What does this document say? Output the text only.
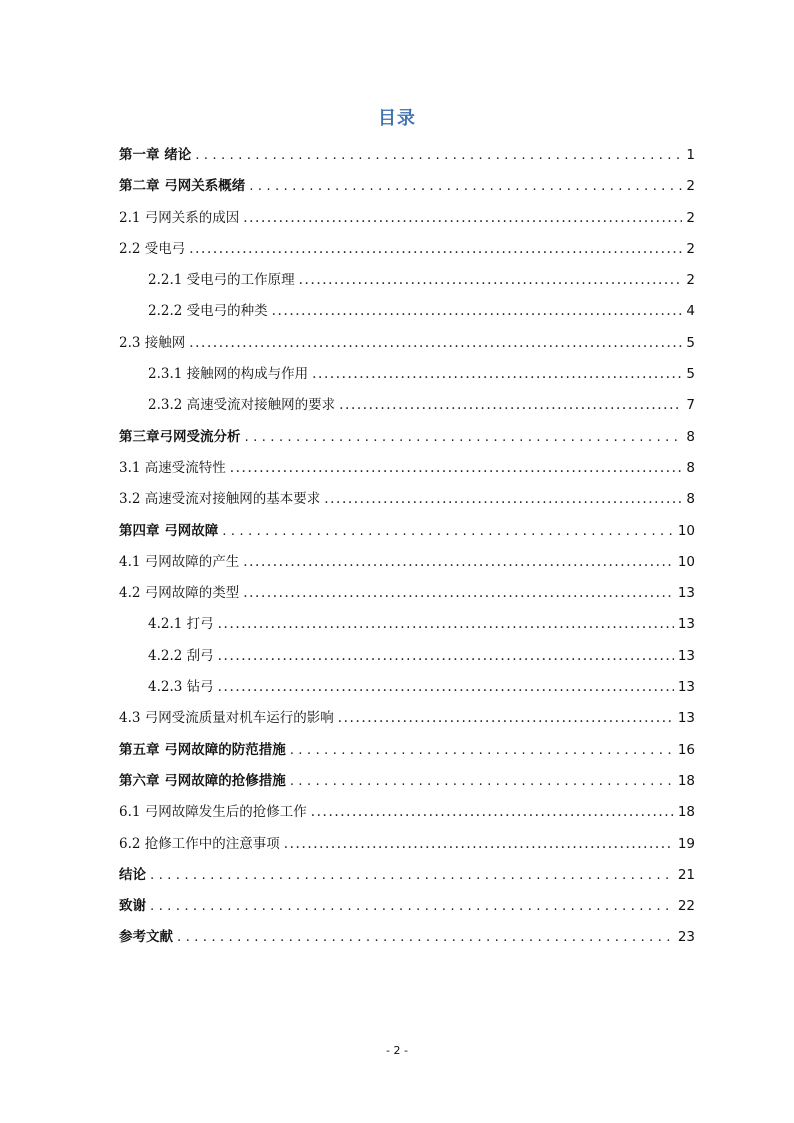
目录
第一章 绪论 . . .	1
第二章 弓网关系概绪 . . .	2
2.1 弓网关系的成因 .....	2
2.2 受电弓 .....	2
2.2.1 受电弓的工作原理 .....	2
2.2.2 受电弓的种类 .....	4
2.3 接触网 .....	5
2.3.1 接触网的构成与作用 .....	5
2.3.2 高速受流对接触网的要求 .....	7
第三章弓网受流分析 . . .	8
3.1 高速受流特性 .....	8
3.2 高速受流对接触网的基本要求 .....	8
第四章 弓网故障 . . .	10
4.1 弓网故障的产生 .....	10
4.2 弓网故障的类型 .....	13
4.2.1 打弓 .....	13
4.2.2 刮弓 .....	13
4.2.3 钻弓 .....	13
4.3 弓网受流质量对机车运行的影响 .....	13
第五章 弓网故障的防范措施 . . .	16
第六章 弓网故障的抢修措施 . . .	18
6.1 弓网故障发生后的抢修工作 .....	18
6.2 抢修工作中的注意事项 .....	19
结论 . . .	21
致谢 . . .	22
参考文献 . . .	23
- 2 -
